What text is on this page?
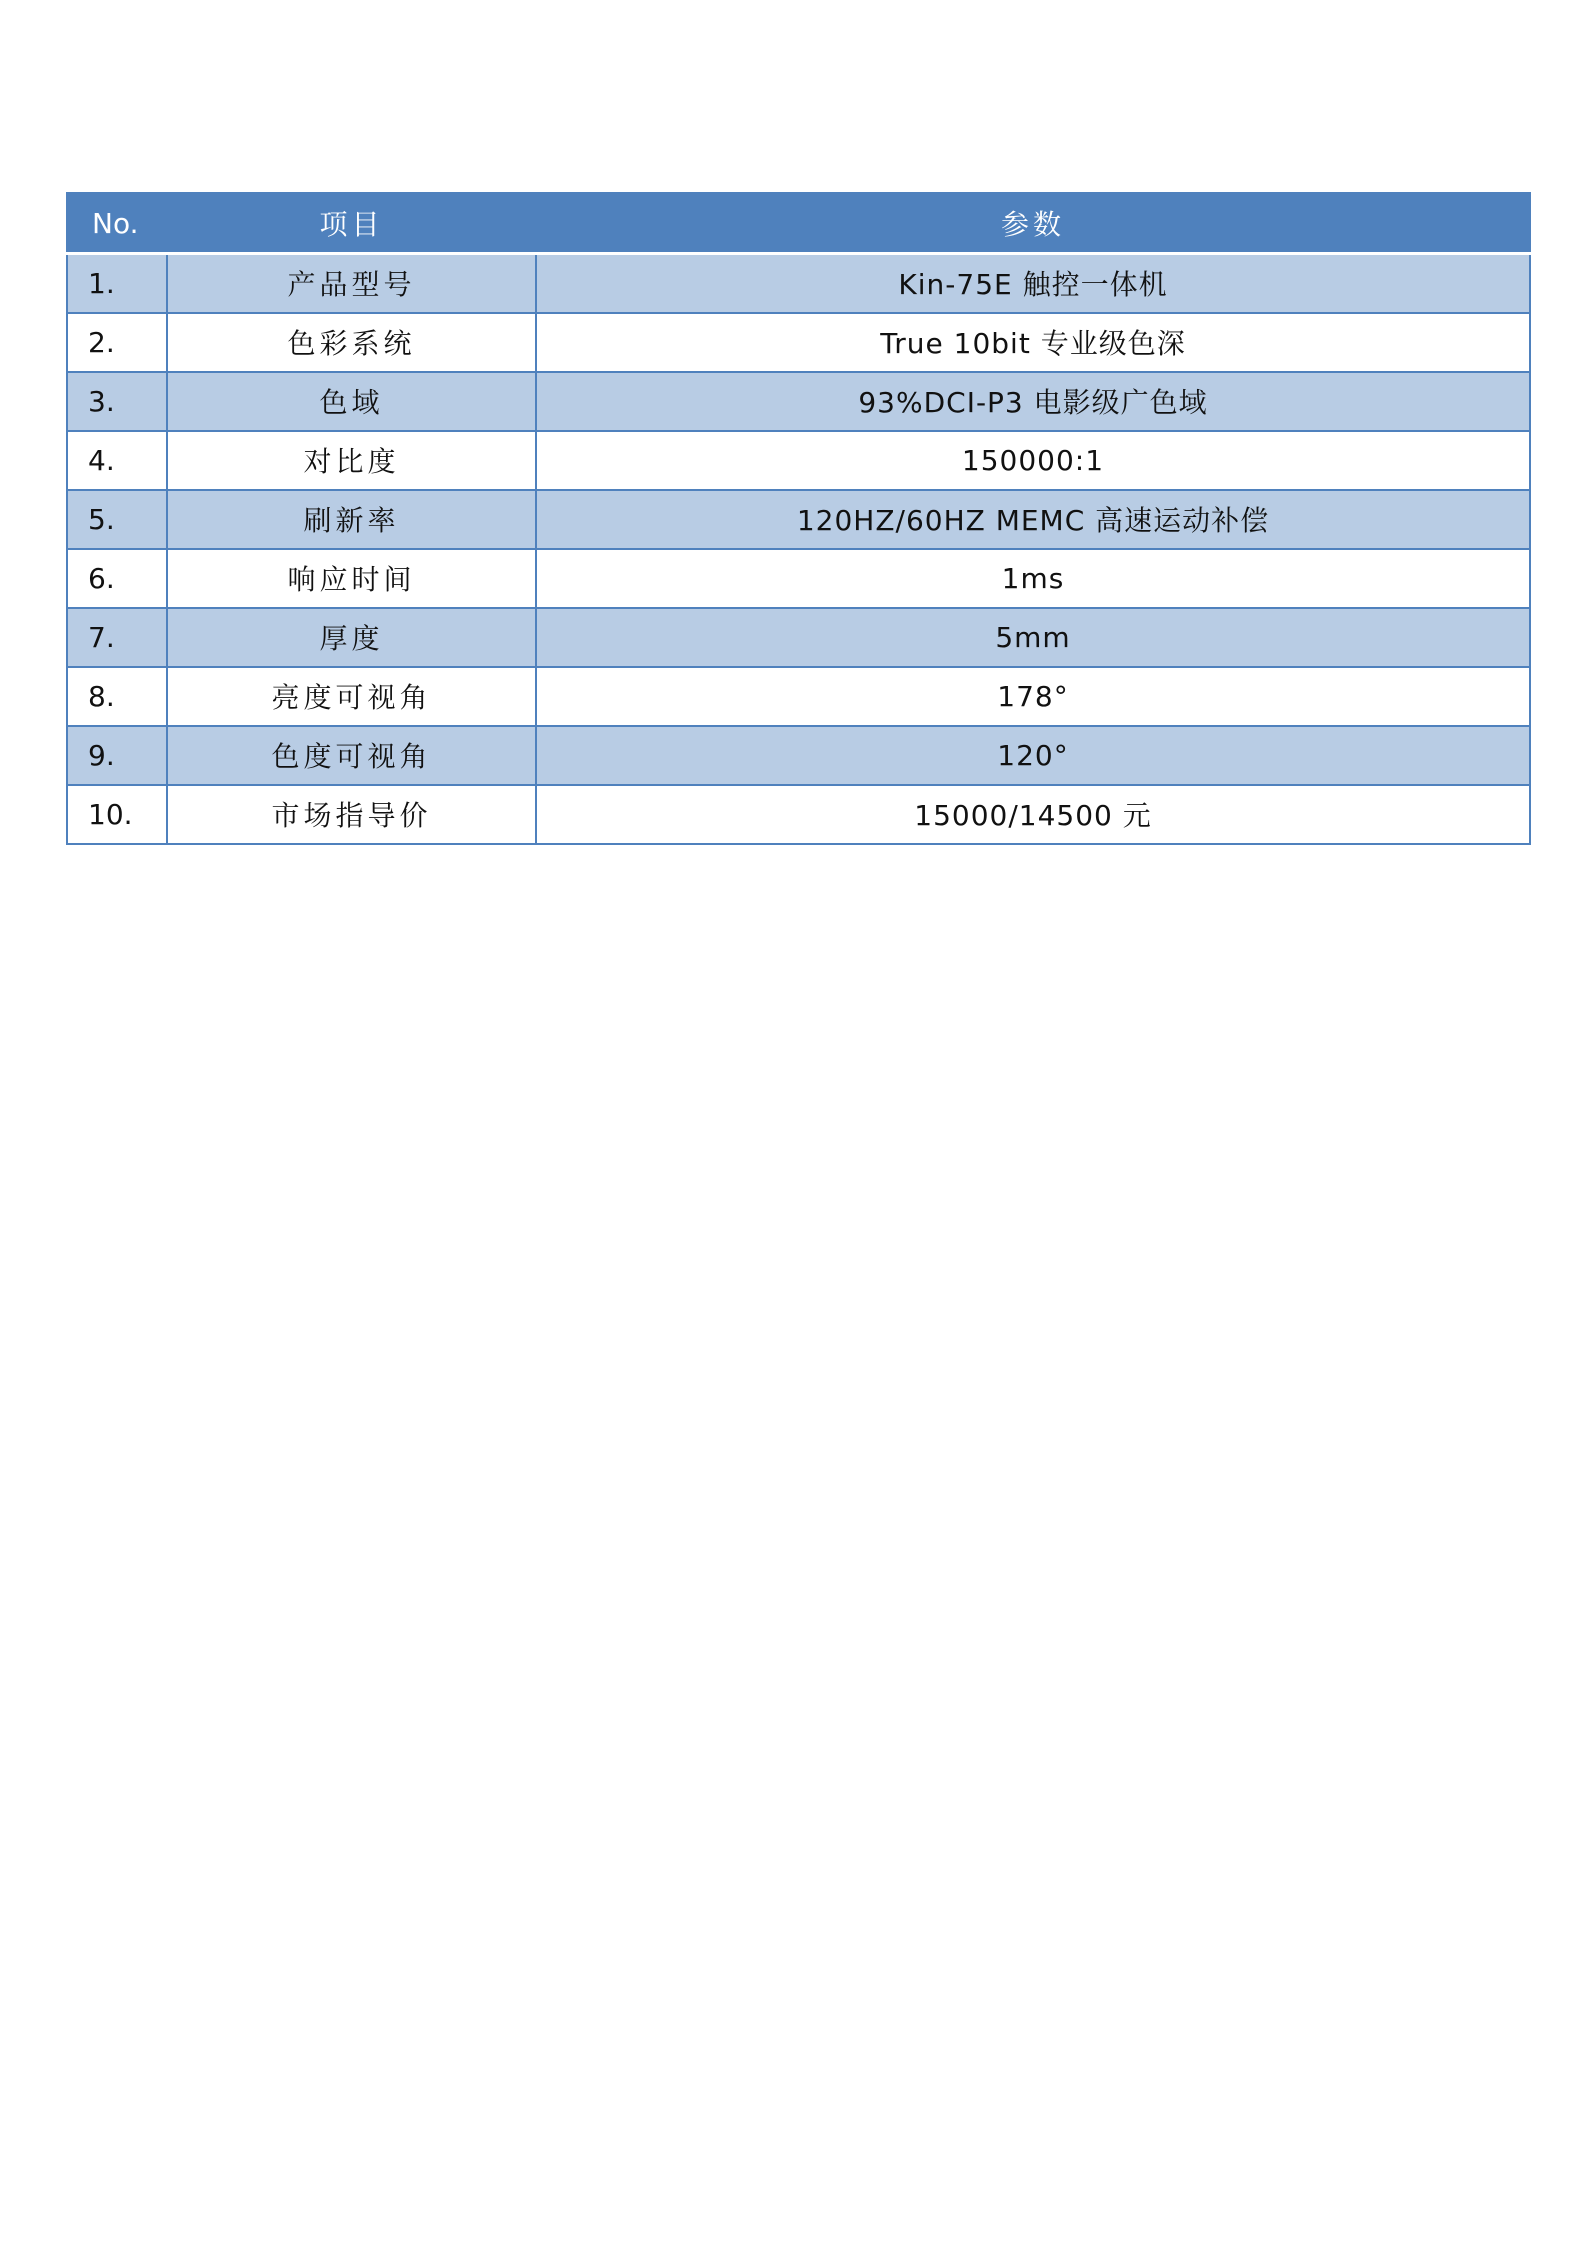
No.	项目	参数
1.	产品型号	Kin-75E 触控一体机
2.	色彩系统	True 10bit 专业级色深
3.	色域	93%DCI-P3 电影级广色域
4.	对比度	150000:1
5.	刷新率	120HZ/60HZ MEMC 高速运动补偿
6.	响应时间	1ms
7.	厚度	5mm
8.	亮度可视角	178°
9.	色度可视角	120°
10.	市场指导价	15000/14500 元
